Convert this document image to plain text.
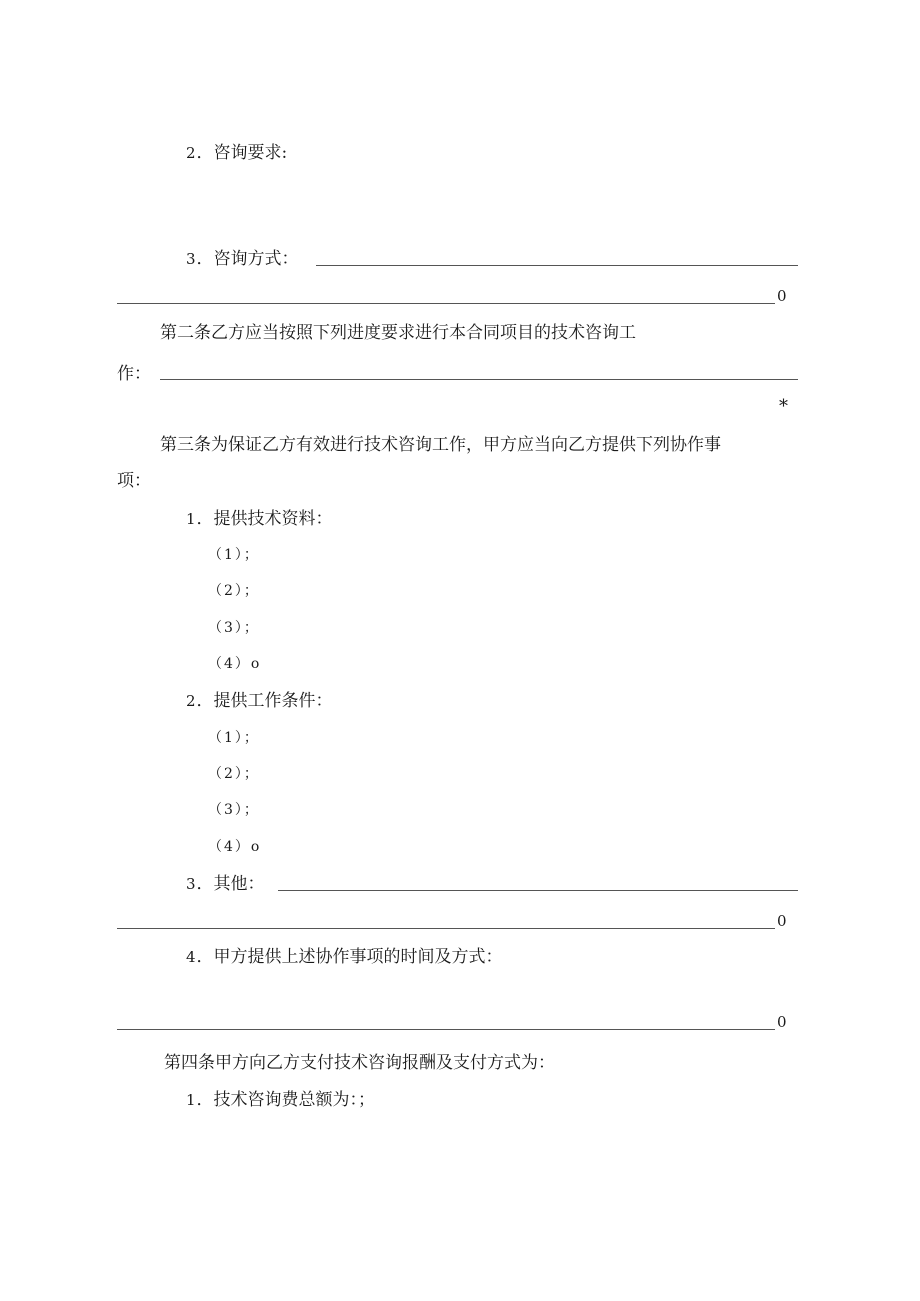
2．咨询要求:
3．咨询方式：
0
第二条乙方应当按照下列进度要求进行本合同项目的技术咨询工
作：
*
第三条为保证乙方有效进行技术咨询工作，甲方应当向乙方提供下列协作事
项：
1．提供技术资料：
（1）；
（2）；
（3）；
（4）o
2．提供工作条件：
（1）；
（2）；
（3）；
（4）o
3．其他：
0
4．甲方提供上述协作事项的时间及方式：
0
第四条甲方向乙方支付技术咨询报酬及支付方式为：
1．技术咨询费总额为：；
